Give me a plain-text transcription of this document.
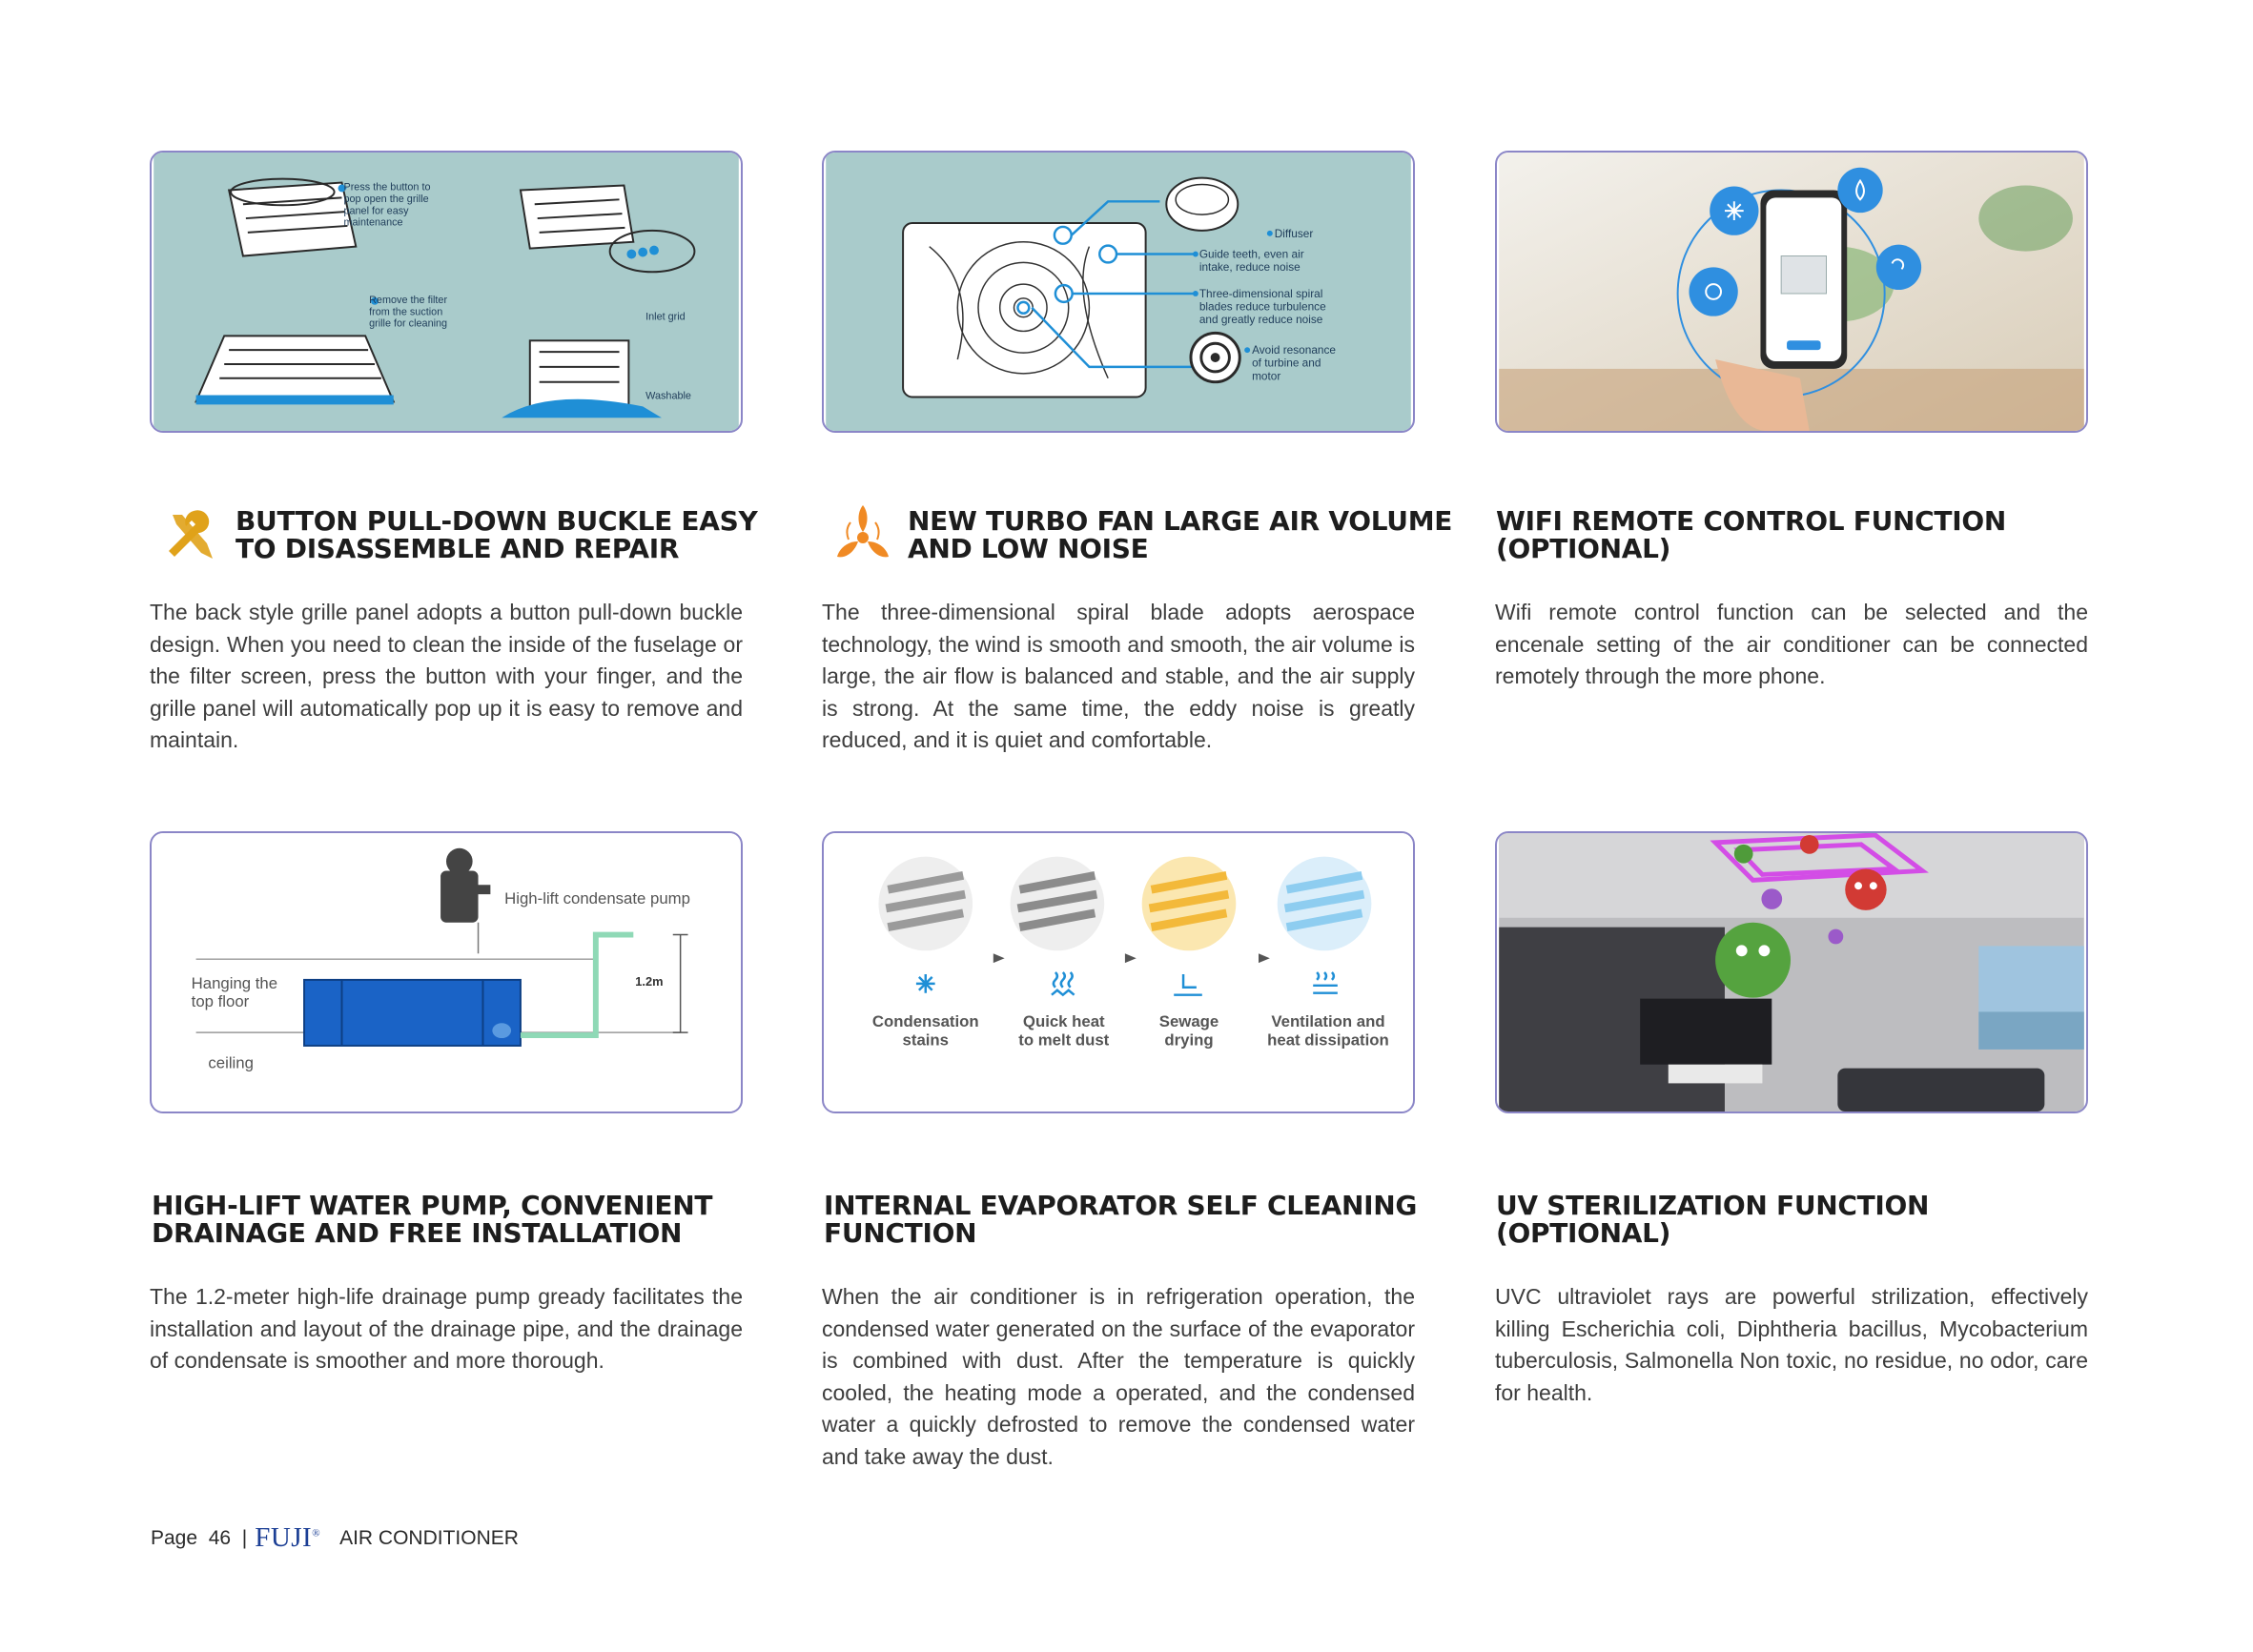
Press the button to pop open the grille panel for easy maintenance
Remove the filter from the suction grille for cleaning
Inlet grid
Washable
BUTTON PULL-DOWN BUCKLE EASY
TO DISASSEMBLE AND REPAIR
The back style grille panel adopts a button pull-down buckle design. When you need to clean the inside of the fuselage or the filter screen, press the button with your finger, and the grille panel will automatically pop up it is easy to remove and maintain.
Diffuser
Guide teeth, even air intake, reduce noise
Three-dimensional spiral blades reduce turbulence and greatly reduce noise
Avoid resonance of turbine and motor
NEW TURBO FAN LARGE AIR VOLUME
AND LOW NOISE
The three-dimensional spiral blade adopts aerospace technology, the wind is smooth and smooth, the air volume is large, the air flow is balanced and stable, and the air supply is strong. At the same time, the eddy noise is greatly reduced, and it is quiet and comfortable.
WIFI REMOTE CONTROL FUNCTION
(OPTIONAL)
Wifi remote control function can be selected and the encenale setting of the air conditioner can be connected remotely through the more phone.
High-lift condensate pump
Hanging the top floor
ceiling
1.2m
HIGH-LIFT WATER PUMP, CONVENIENT
DRAINAGE AND FREE INSTALLATION
The 1.2-meter high-life drainage pump gready facilitates the installation and layout of the drainage pipe, and the drainage of condensate is smoother and more thorough.
Condensation stains
Quick heat to melt dust
Sewage drying
Ventilation and heat dissipation
INTERNAL EVAPORATOR SELF CLEANING
FUNCTION
When the air conditioner is in refrigeration operation, the condensed water generated on the surface of the evaporator is combined with dust. After the temperature is quickly cooled, the heating mode a operated, and the condensed water a quickly defrosted to remove the condensed water and take away the dust.
UV STERILIZATION FUNCTION
(OPTIONAL)
UVC ultraviolet rays are powerful strilization, effectively killing Escherichia coli, Diphtheria bacillus, Mycobacterium tuberculosis, Salmonella Non toxic, no residue, no odor, care for health.
Page  46  | FUJI® AIR CONDITIONER
